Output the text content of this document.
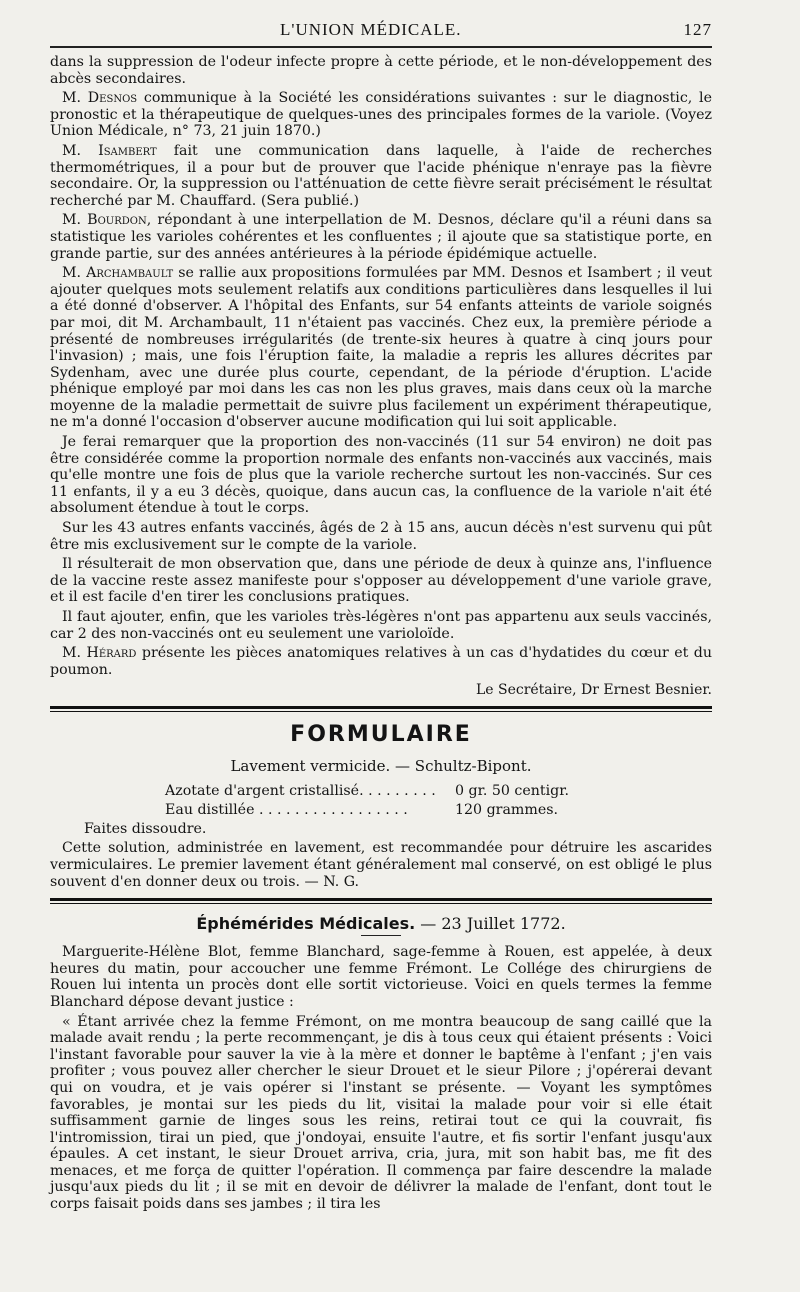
L'UNION MÉDICALE.	127

dans la suppression de l'odeur infecte propre à cette période, et le non-développement des abcès secondaires.

M. Desnos communique à la Société les considérations suivantes : sur le diagnostic, le pronostic et la thérapeutique de quelques-unes des principales formes de la variole. (Voyez Union Médicale, n° 73, 21 juin 1870.)

M. Isambert fait une communication dans laquelle, à l'aide de recherches thermométriques, il a pour but de prouver que l'acide phénique n'enraye pas la fièvre secondaire. Or, la suppression ou l'atténuation de cette fièvre serait précisément le résultat recherché par M. Chauffard. (Sera publié.)

M. Bourdon, répondant à une interpellation de M. Desnos, déclare qu'il a réuni dans sa statistique les varioles cohérentes et les confluentes ; il ajoute que sa statistique porte, en grande partie, sur des années antérieures à la période épidémique actuelle.

M. Archambault se rallie aux propositions formulées par MM. Desnos et Isambert ; il veut ajouter quelques mots seulement relatifs aux conditions particulières dans lesquelles il lui a été donné d'observer. A l'hôpital des Enfants, sur 54 enfants atteints de variole soignés par moi, dit M. Archambault, 11 n'étaient pas vaccinés. Chez eux, la première période a présenté de nombreuses irrégularités (de trente-six heures à quatre à cinq jours pour l'invasion) ; mais, une fois l'éruption faite, la maladie a repris les allures décrites par Sydenham, avec une durée plus courte, cependant, de la période d'éruption. L'acide phénique employé par moi dans les cas non les plus graves, mais dans ceux où la marche moyenne de la maladie permettait de suivre plus facilement un expériment thérapeutique, ne m'a donné l'occasion d'observer aucune modification qui lui soit applicable.

Je ferai remarquer que la proportion des non-vaccinés (11 sur 54 environ) ne doit pas être considérée comme la proportion normale des enfants non-vaccinés aux vaccinés, mais qu'elle montre une fois de plus que la variole recherche surtout les non-vaccinés. Sur ces 11 enfants, il y a eu 3 décès, quoique, dans aucun cas, la confluence de la variole n'ait été absolument étendue à tout le corps.

Sur les 43 autres enfants vaccinés, âgés de 2 à 15 ans, aucun décès n'est survenu qui pût être mis exclusivement sur le compte de la variole.

Il résulterait de mon observation que, dans une période de deux à quinze ans, l'influence de la vaccine reste assez manifeste pour s'opposer au développement d'une variole grave, et il est facile d'en tirer les conclusions pratiques.

Il faut ajouter, enfin, que les varioles très-légères n'ont pas appartenu aux seuls vaccinés, car 2 des non-vaccinés ont eu seulement une varioloïde.

M. Hérard présente les pièces anatomiques relatives à un cas d'hydatides du cœur et du poumon.

Le Secrétaire, Dr Ernest Besnier.
FORMULAIRE
Lavement vermicide. — Schultz-Bipont.
Azotate d'argent cristallisé. . . . . . . . . 0 gr. 50 centigr.
Eau distillée . . . . . . . . . . . . . . . . .	120 grammes.
Faites dissoudre.

Cette solution, administrée en lavement, est recommandée pour détruire les ascarides vermiculaires. Le premier lavement étant généralement mal conservé, on est obligé le plus souvent d'en donner deux ou trois. — N. G.

Éphémérides Médicales. — 23 Juillet 1772.

Marguerite-Hélène Blot, femme Blanchard, sage-femme à Rouen, est appelée, à deux heures du matin, pour accoucher une femme Frémont. Le Collége des chirurgiens de Rouen lui intenta un procès dont elle sortit victorieuse. Voici en quels termes la femme Blanchard dépose devant justice :

« Étant arrivée chez la femme Frémont, on me montra beaucoup de sang caillé que la malade avait rendu ; la perte recommençant, je dis à tous ceux qui étaient présents : Voici l'instant favorable pour sauver la vie à la mère et donner le baptême à l'enfant ; j'en vais profiter ; vous pouvez aller chercher le sieur Drouet et le sieur Pilore ; j'opérerai devant qui on voudra, et je vais opérer si l'instant se présente. — Voyant les symptômes favorables, je montai sur les pieds du lit, visitai la malade pour voir si elle était suffisamment garnie de linges sous les reins, retirai tout ce qui la couvrait, fis l'intromission, tirai un pied, que j'ondoyai, ensuite l'autre, et fis sortir l'enfant jusqu'aux épaules. A cet instant, le sieur Drouet arriva, cria, jura, mit son habit bas, me fit des menaces, et me força de quitter l'opération. Il commença par faire descendre la malade jusqu'aux pieds du lit ; il se mit en devoir de délivrer la malade de l'enfant, dont tout le corps faisait poids dans ses jambes ; il tira les
